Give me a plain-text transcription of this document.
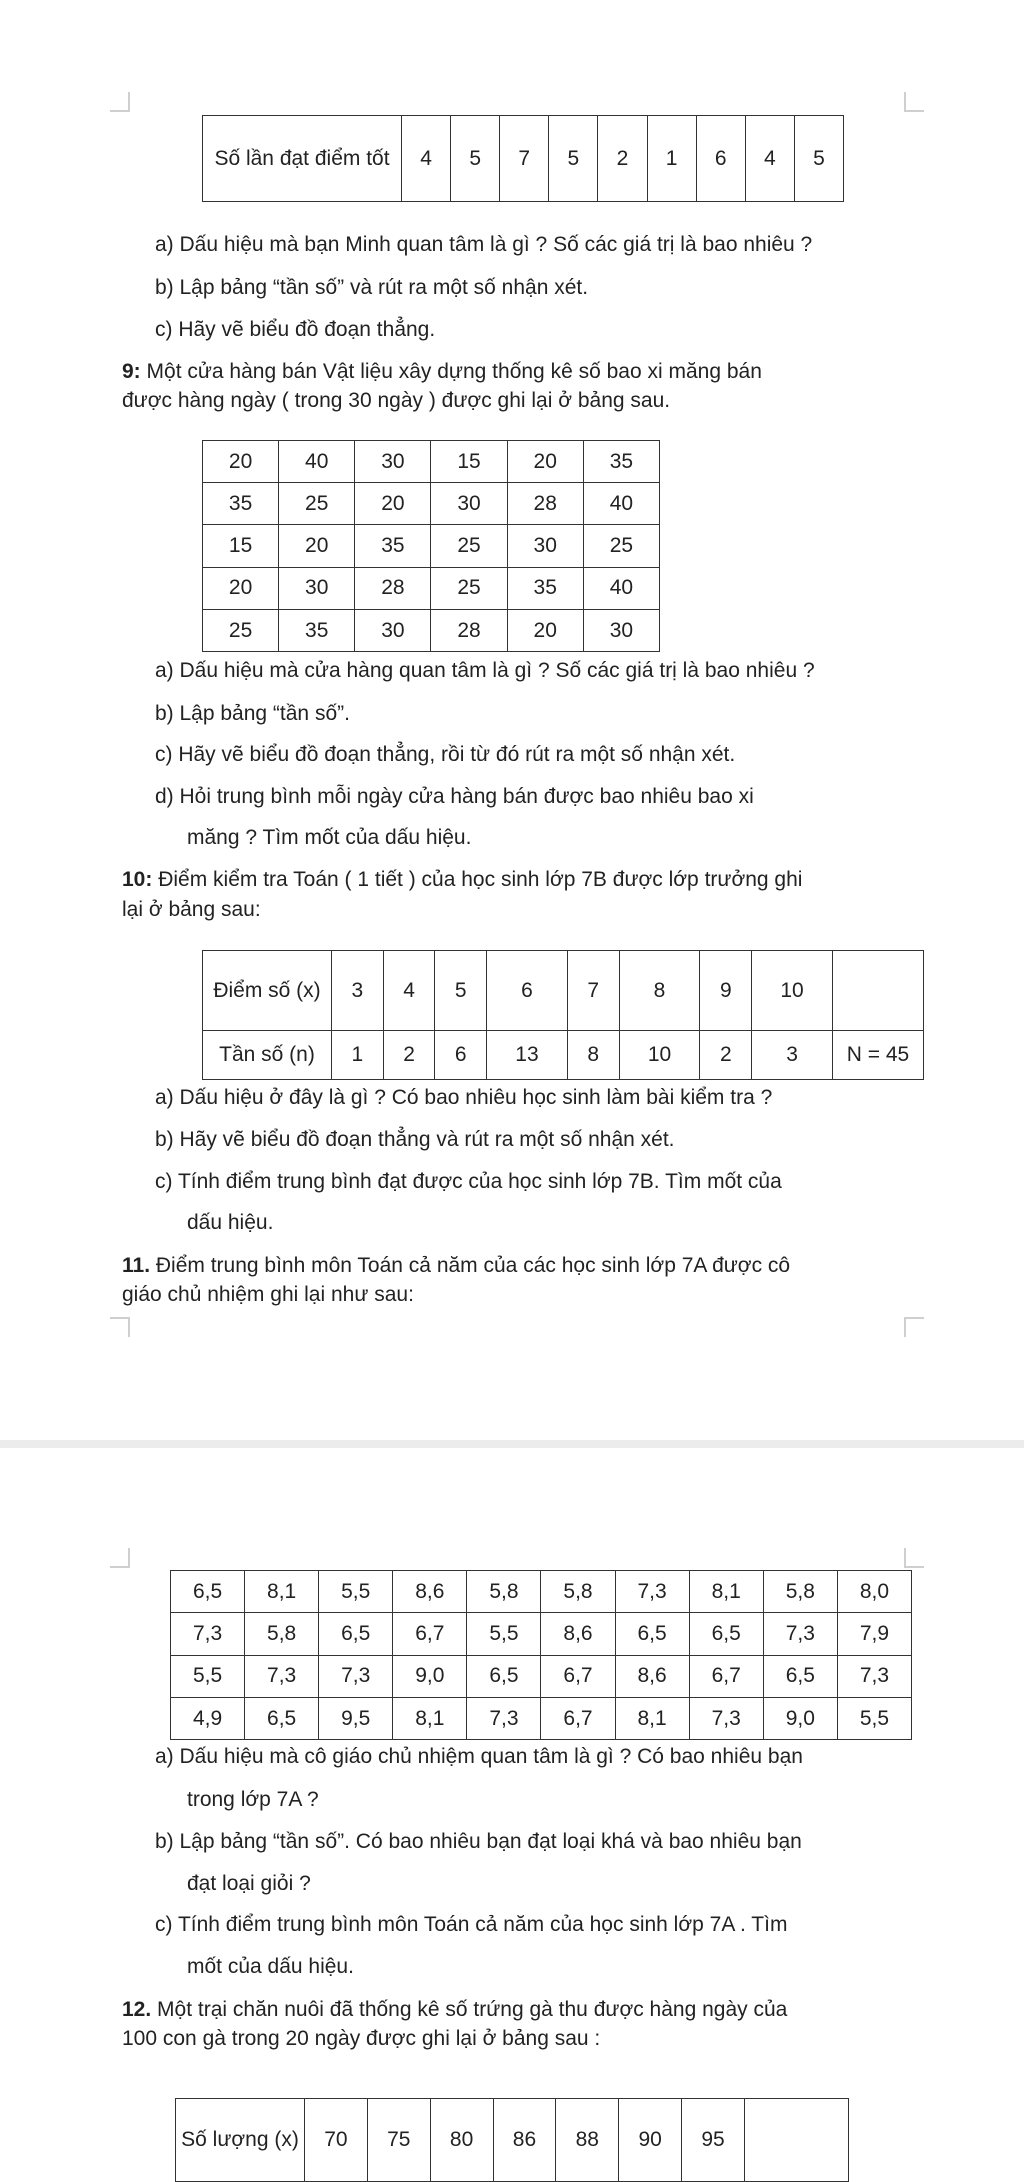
Số lần đạt điểm tốt	4	5	7	5	2	1	6	4	5
a) Dấu hiệu mà bạn Minh quan tâm là gì ? Số các giá trị là bao nhiêu ?
b) Lập bảng “tần số” và rút ra một số nhận xét.
c) Hãy vẽ biểu đồ đoạn thẳng.
9: Một cửa hàng bán Vật liệu xây dựng thống kê số bao xi măng bán
được hàng ngày ( trong 30 ngày ) được ghi lại ở bảng sau.
20	40	30	15	20	35
35	25	20	30	28	40
15	20	35	25	30	25
20	30	28	25	35	40
25	35	30	28	20	30
a) Dấu hiệu mà cửa hàng quan tâm là gì ? Số các giá trị là bao nhiêu ?
b) Lập bảng “tần số”.
c) Hãy vẽ biểu đồ đoạn thẳng, rồi từ đó rút ra một số nhận xét.
d) Hỏi trung bình mỗi ngày cửa hàng bán được bao nhiêu bao xi
măng ? Tìm mốt của dấu hiệu.
10: Điểm kiểm tra Toán ( 1 tiết ) của học sinh lớp 7B được lớp trưởng ghi
lại ở bảng sau:
Điểm số (x)	3	4	5	6	7	8	9	10	
Tần số (n)	1	2	6	13	8	10	2	3	N = 45
a) Dấu hiệu ở đây là gì ? Có bao nhiêu học sinh làm bài kiểm tra ?
b) Hãy vẽ biểu đồ đoạn thẳng và rút ra một số nhận xét.
c) Tính điểm trung bình đạt được của học sinh lớp 7B. Tìm mốt của
dấu hiệu.
11. Điểm trung bình môn Toán cả năm của các học sinh lớp 7A được cô
giáo chủ nhiệm ghi lại như sau:
6,5	8,1	5,5	8,6	5,8	5,8	7,3	8,1	5,8	8,0
7,3	5,8	6,5	6,7	5,5	8,6	6,5	6,5	7,3	7,9
5,5	7,3	7,3	9,0	6,5	6,7	8,6	6,7	6,5	7,3
4,9	6,5	9,5	8,1	7,3	6,7	8,1	7,3	9,0	5,5
a) Dấu hiệu mà cô giáo chủ nhiệm quan tâm là gì ? Có bao nhiêu bạn
trong lớp 7A ?
b) Lập bảng “tần số”. Có bao nhiêu bạn đạt loại khá và bao nhiêu bạn
đạt loại giỏi ?
c) Tính điểm trung bình môn Toán cả năm của học sinh lớp 7A . Tìm
mốt của dấu hiệu.
12. Một trại chăn nuôi đã thống kê số trứng gà thu được hàng ngày của
100 con gà trong 20 ngày được ghi lại ở bảng sau :
Số lượng (x)	70	75	80	86	88	90	95	
